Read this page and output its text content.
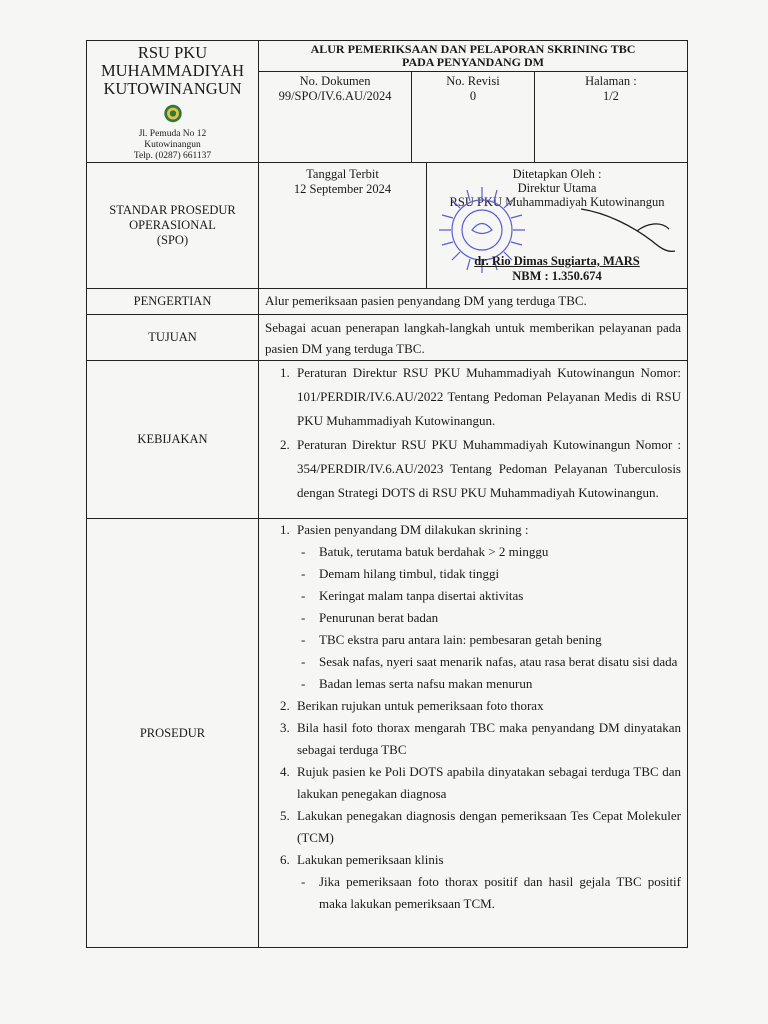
RSU PKU
MUHAMMADIYAH
KUTOWINANGUN
Jl. Pemuda No 12
Kutowinangun
Telp. (0287) 661137
ALUR PEMERIKSAAN DAN PELAPORAN SKRINING TBC
PADA PENYANDANG DM
No. Dokumen
99/SPO/IV.6.AU/2024
No. Revisi
0
Halaman :
1/2
STANDAR PROSEDUR
OPERASIONAL
(SPO)
Tanggal Terbit
12 September 2024
Ditetapkan Oleh :
Direktur Utama
RSU PKU Muhammadiyah Kutowinangun
dr. Rio Dimas Sugiarta, MARS
NBM : 1.350.674
PENGERTIAN	Alur pemeriksaan pasien penyandang DM yang terduga TBC.
TUJUAN
Sebagai acuan penerapan langkah-langkah untuk memberikan pelayanan pada pasien DM yang terduga TBC.
KEBIJAKAN
1. Peraturan Direktur RSU PKU Muhammadiyah Kutowinangun Nomor: 101/PERDIR/IV.6.AU/2022 Tentang Pedoman Pelayanan Medis di RSU PKU Muhammadiyah Kutowinangun.
2. Peraturan Direktur RSU PKU Muhammadiyah Kutowinangun Nomor : 354/PERDIR/IV.6.AU/2023 Tentang Pedoman Pelayanan Tuberculosis dengan Strategi DOTS di RSU PKU Muhammadiyah Kutowinangun.
PROSEDUR
1. Pasien penyandang DM dilakukan skrining :
- Batuk, terutama batuk berdahak > 2 minggu
- Demam hilang timbul, tidak tinggi
- Keringat malam tanpa disertai aktivitas
- Penurunan berat badan
- TBC ekstra paru antara lain: pembesaran getah bening
- Sesak nafas, nyeri saat menarik nafas, atau rasa berat disatu sisi dada
- Badan lemas serta nafsu makan menurun
2. Berikan rujukan untuk pemeriksaan foto thorax
3. Bila hasil foto thorax mengarah TBC maka penyandang DM dinyatakan sebagai terduga TBC
4. Rujuk pasien ke Poli DOTS apabila dinyatakan sebagai terduga TBC dan lakukan penegakan diagnosa
5. Lakukan penegakan diagnosis dengan pemeriksaan Tes Cepat Molekuler (TCM)
6. Lakukan pemeriksaan klinis
- Jika pemeriksaan foto thorax positif dan hasil gejala TBC positif maka lakukan pemeriksaan TCM.
